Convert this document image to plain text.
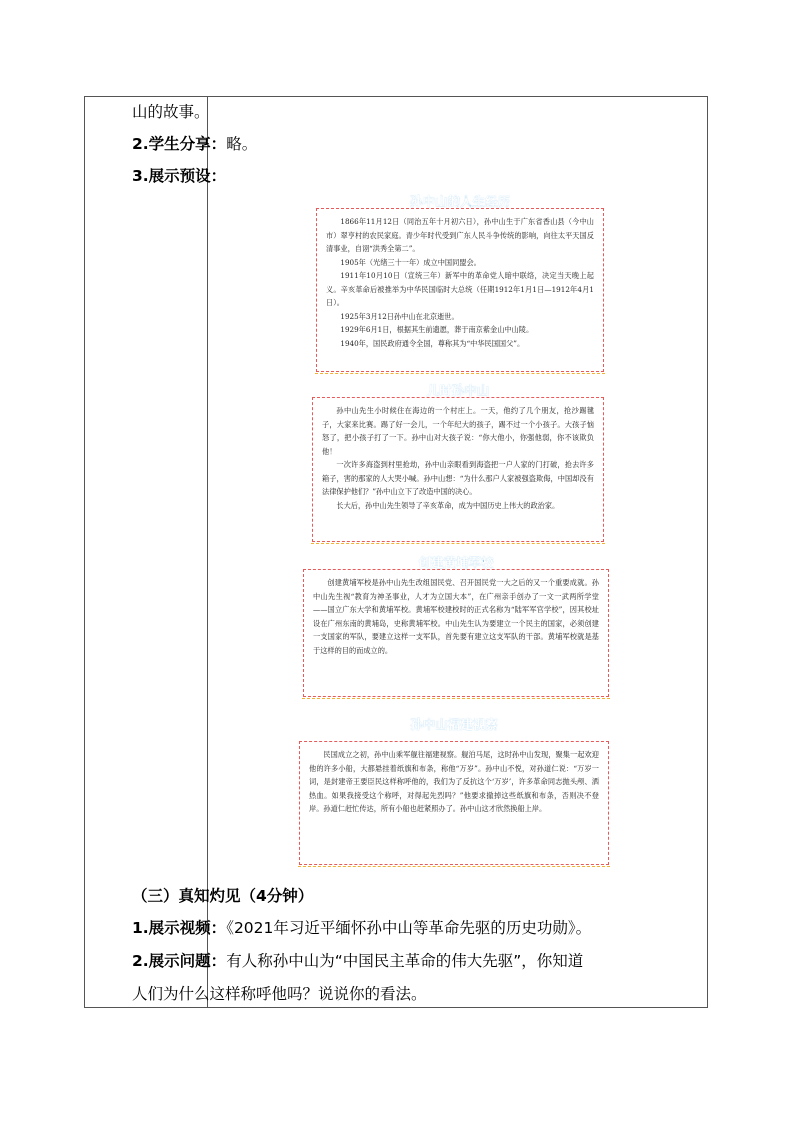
山的故事。
2.学生分享：略。
3.展示预设：
孙中山的人生经历

1866年11月12日（同治五年十月初六日），孙中山生于广东省香山县（今中山市）翠亨村的农民家庭。青少年时代受到广东人民斗争传统的影响，向往太平天国反清事业，自诩“洪秀全第二”。

1905年（光绪三十一年）成立中国同盟会。

1911年10月10日（宣统三年）新军中的革命党人暗中联络，决定当天晚上起义。辛亥革命后被推举为中华民国临时大总统（任期1912年1月1日—1912年4月1日）。

1925年3月12日孙中山在北京逝世。

1929年6月1日，根据其生前遗愿，葬于南京紫金山中山陵。

1940年，国民政府通令全国，尊称其为“中华民国国父”。

儿时孙中山

孙中山先生小时候住在海边的一个村庄上。一天，他约了几个朋友，抢沙踢毽子，大家来比赛。踢了好一会儿，一个年纪大的孩子，踢不过一个小孩子。大孩子恼怒了，把小孩子打了一下。孙中山对大孩子说：“你大他小，你强他弱，你不该欺负他！

一次许多海盗到村里抢劫，孙中山亲眼看到海盗把一户人家的门打破，抢去许多箱子，害的那家的人大哭小喊。孙中山想：“为什么那户人家被强盗欺侮，中国却没有法律保护他们？”孙中山立下了改造中国的决心。

长大后，孙中山先生领导了辛亥革命，成为中国历史上伟大的政治家。

创建黄埔军校

创建黄埔军校是孙中山先生改组国民党、召开国民党一大之后的又一个重要成就。孙中山先生视“教育为神圣事业，人才为立国大本”，在广州亲手创办了一文一武两所学堂——国立广东大学和黄埔军校。黄埔军校建校时的正式名称为“陆军军官学校”，因其校址设在广州东南的黄埔岛，史称黄埔军校。中山先生认为要建立一个民主的国家，必须创建一支国家的军队，要建立这样一支军队，首先要有建立这支军队的干部。黄埔军校就是基于这样的目的而成立的。

孙中山福建视察

民国成立之初，孙中山乘军舰往福建视察。舰泊马尾，这时孙中山发现，聚集一起欢迎他的许多小船，大都悬挂着纸旗和布条，称他“万岁”。孙中山不悦，对孙道仁说：“万岁一词，是封建帝王要臣民这样称呼他的，我们为了反抗这个‘万岁’，许多革命同志抛头颅、洒热血。如果我接受这个称呼，对得起先烈吗？”他要求撤掉这些纸旗和布条，否则决不登岸。孙道仁赶忙传达，所有小船也赶紧照办了。孙中山这才欣然换船上岸。

（三）真知灼见（4分钟）
1.展示视频：《2021年习近平缅怀孙中山等革命先驱的历史功勋》。
2.展示问题：有人称孙中山为“中国民主革命的伟大先驱”，你知道
人们为什么这样称呼他吗？说说你的看法。
